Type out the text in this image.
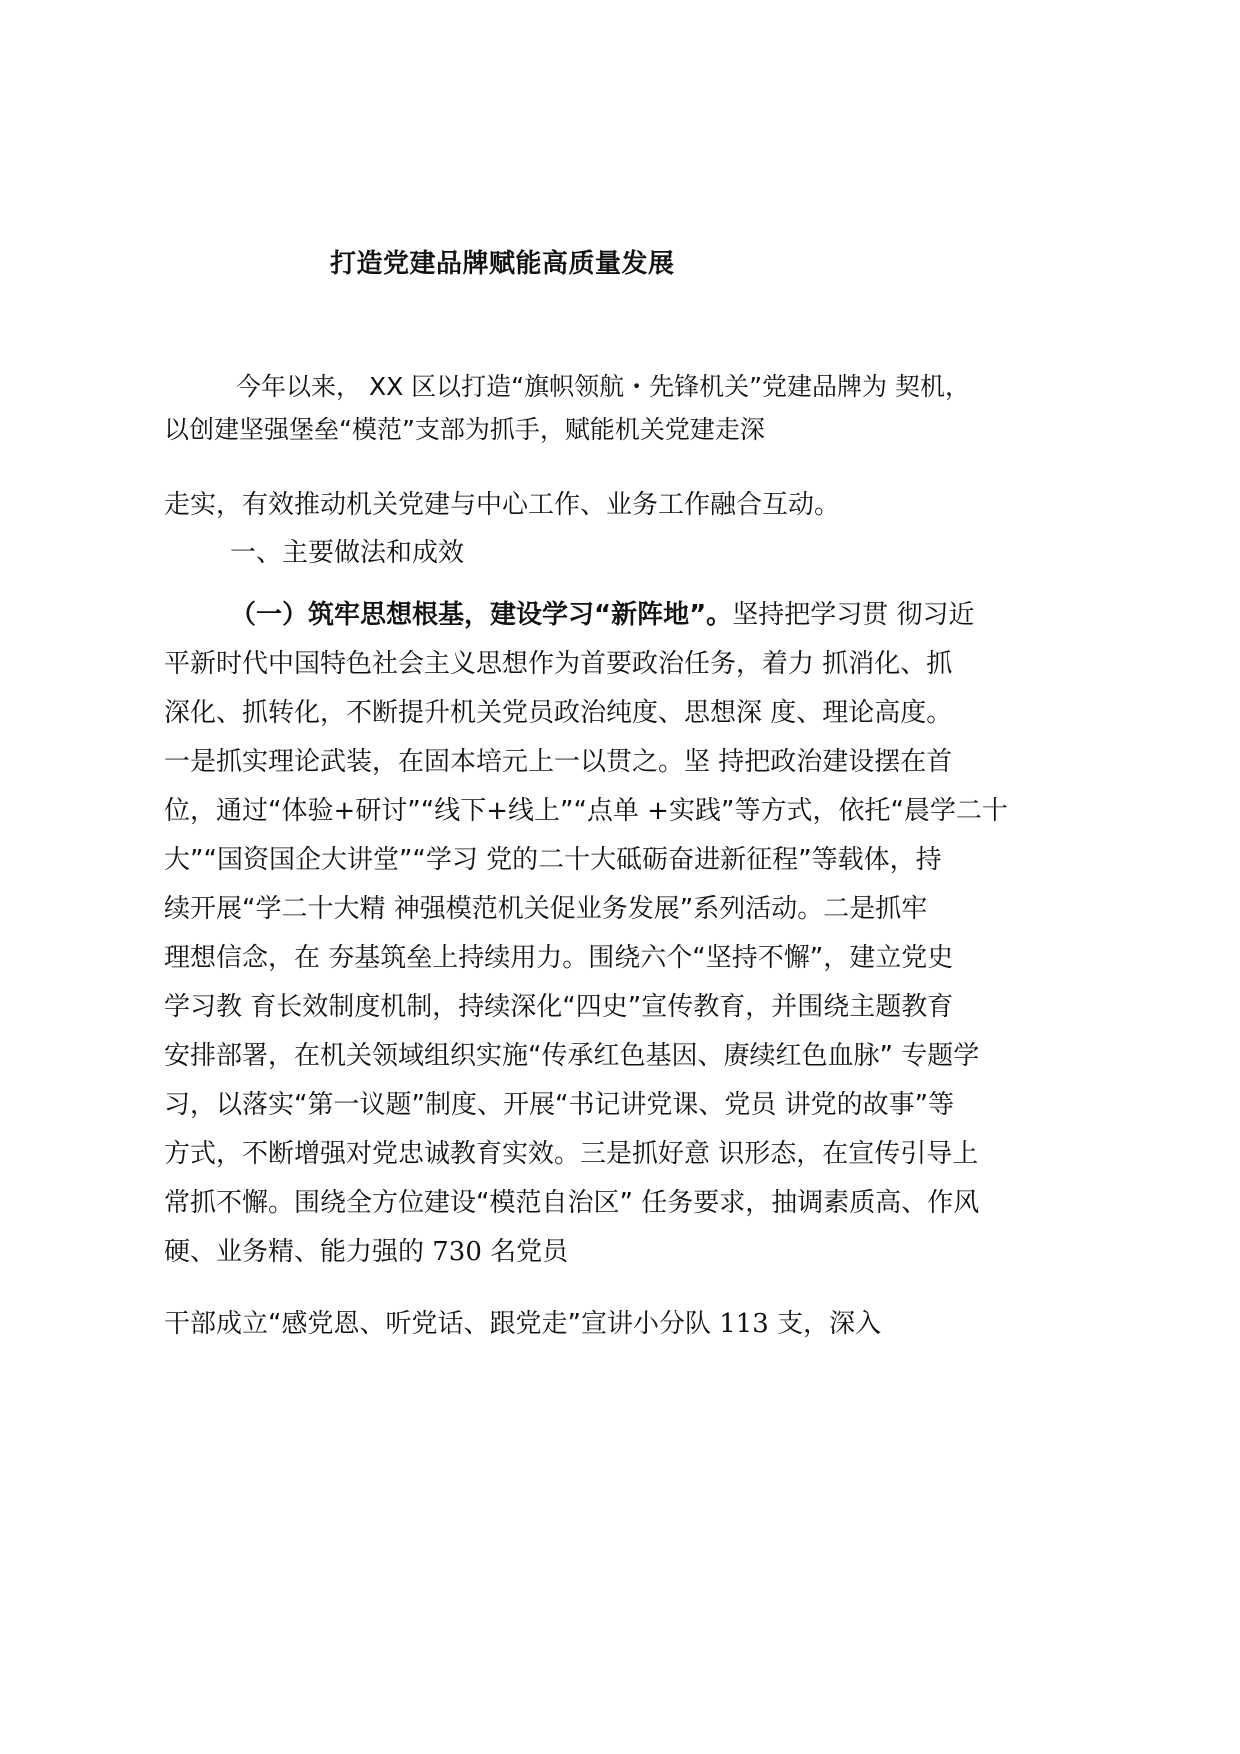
打造党建品牌赋能高质量发展
今年以来， XX 区以打造“旗帜领航・先锋机关”党建品牌为 契机，
以创建坚强堡垒“模范”支部为抓手，赋能机关党建走深
走实，有效推动机关党建与中心工作、业务工作融合互动。
一、主要做法和成效
（一）筑牢思想根基，建设学习“新阵地”。坚持把学习贯 彻习近
平新时代中国特色社会主义思想作为首要政治任务，着力 抓消化、抓
深化、抓转化，不断提升机关党员政治纯度、思想深 度、理论高度。
一是抓实理论武装，在固本培元上一以贯之。坚 持把政治建设摆在首
位，通过“体验+研讨”“线下+线上”“点单 +实践”等方式，依托“晨学二十
大”“国资国企大讲堂”“学习 党的二十大砥砺奋进新征程”等载体，持
续开展“学二十大精 神强模范机关促业务发展”系列活动。二是抓牢
理想信念，在 夯基筑垒上持续用力。围绕六个“坚持不懈”，建立党史
学习教 育长效制度机制，持续深化“四史”宣传教育，并围绕主题教育
安排部署，在机关领域组织实施“传承红色基因、赓续红色血脉” 专题学
习，以落实“第一议题”制度、开展“书记讲党课、党员 讲党的故事”等
方式，不断增强对党忠诚教育实效。三是抓好意 识形态，在宣传引导上
常抓不懈。围绕全方位建设“模范自治区” 任务要求，抽调素质高、作风
硬、业务精、能力强的 730 名党员
干部成立“感党恩、听党话、跟党走”宣讲小分队 113 支，深入
